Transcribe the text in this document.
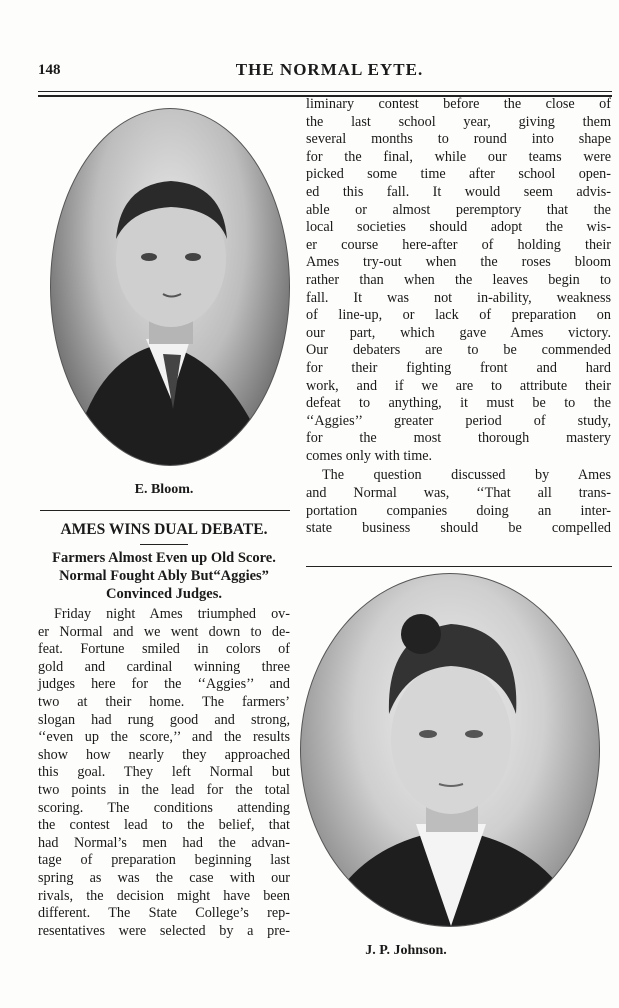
148	THE NORMAL EYTE.
E. Bloom.
AMES WINS DUAL DEBATE.
Farmers Almost Even up Old Score.
Normal Fought Ably But“Aggies”
Convinced Judges.
Friday night Ames triumphed ov-
er Normal and we went down to de-
feat. Fortune smiled in colors of
gold and cardinal winning three
judges here for the ‘‘Aggies’’ and
two at their home. The farmers’
slogan had rung good and strong,
‘‘even up the score,’’ and the results
show how nearly they approached
this goal. They left Normal but
two points in the lead for the total
scoring. The conditions attending
the contest lead to the belief, that
had Normal’s men had the advan-
tage of preparation beginning last
spring as was the case with our
rivals, the decision might have been
different. The State College’s rep-
resentatives were selected by a pre-
liminary contest before the close of
the last school year, giving them
several months to round into shape
for the final, while our teams were
picked some time after school open-
ed this fall. It would seem advis-
able or almost peremptory that the
local societies should adopt the wis-
er course here-after of holding their
Ames try-out when the roses bloom
rather than when the leaves begin to
fall. It was not in-ability, weakness
of line-up, or lack of preparation on
our part, which gave Ames victory.
Our debaters are to be commended
for their fighting front and hard
work, and if we are to attribute their
defeat to anything, it must be to the
‘‘Aggies’’ greater period of study,
for the most thorough mastery
comes only with time.
The question discussed by Ames
and Normal was, ‘‘That all trans-
portation companies doing an inter-
state business should be compelled
J. P. Johnson.
